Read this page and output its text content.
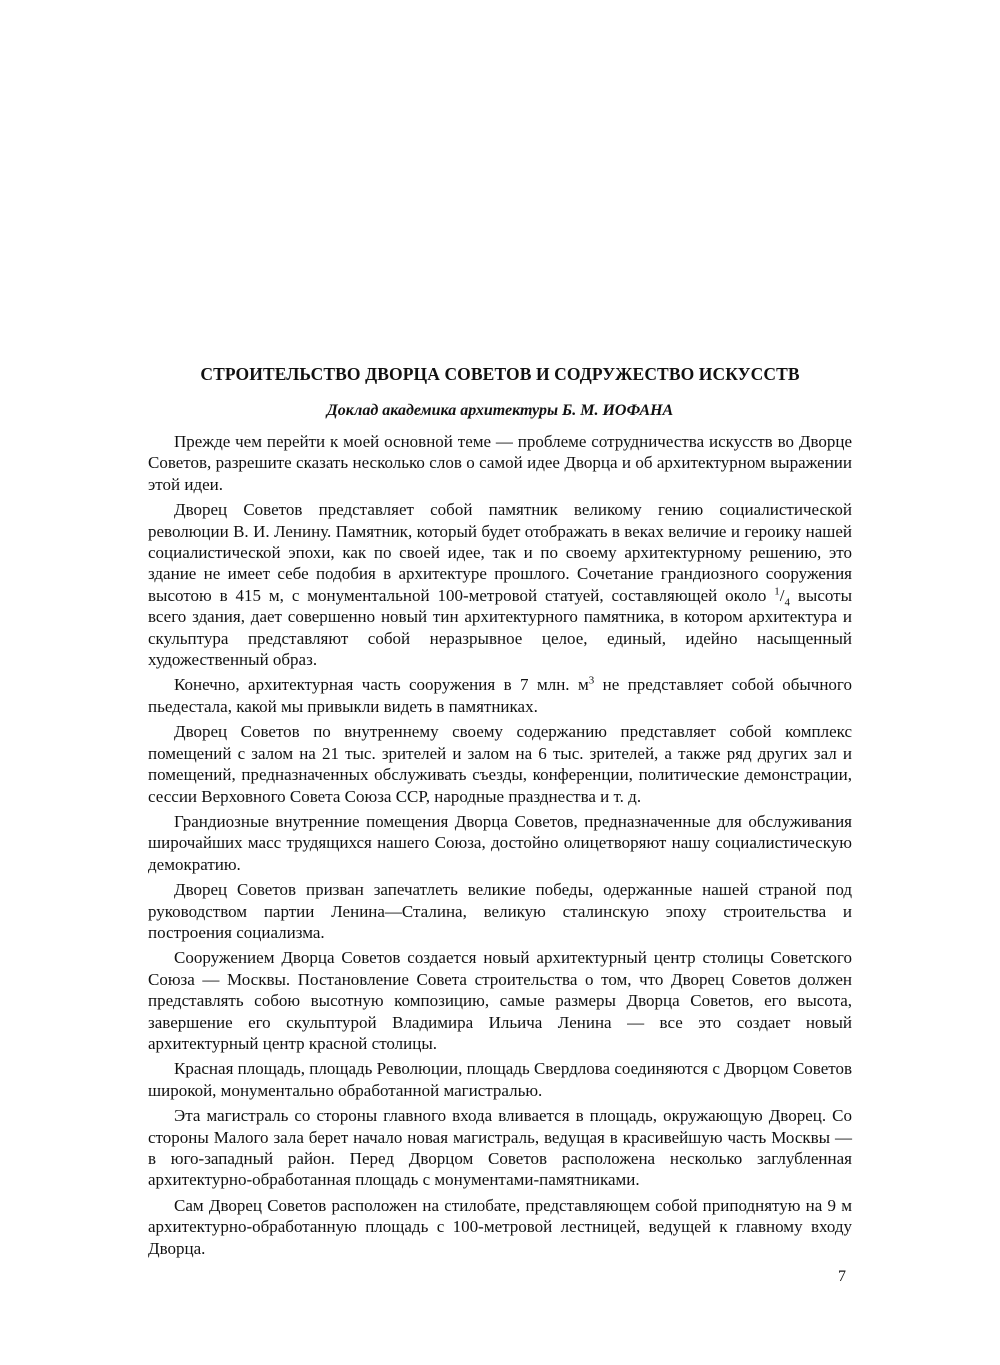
СТРОИТЕЛЬСТВО ДВОРЦА СОВЕТОВ И СОДРУЖЕСТВО ИСКУССТВ

Доклад академика архитектуры Б. М. ИОФАНА

Прежде чем перейти к моей основной теме — проблеме сотрудничества искусств во Дворце Советов, разрешите сказать несколько слов о самой идее Дворца и об архитектурном выражении этой идеи.

Дворец Советов представляет собой памятник великому гению социалистической революции В. И. Ленину. Памятник, который будет отображать в веках величие и героику нашей социалистической эпохи, как по своей идее, так и по своему архитектурному решению, это здание не имеет себе подобия в архитектуре прошлого. Сочетание грандиозного сооружения высотою в 415 м, с монументальной 100-метровой статуей, составляющей около $^1/_4$ высоты всего здания, дает совершенно новый тин архитектурного памятника, в котором архитектура и скульптура представляют собой неразрывное целое, единый, идейно насыщенный художественный образ.

Конечно, архитектурная часть сооружения в 7 млн. $м^3$ не представляет собой обычного пьедестала, какой мы привыкли видеть в памятниках.

Дворец Советов по внутреннему своему содержанию представляет собой комплекс помещений с залом на 21 тыс. зрителей и залом на 6 тыс. зрителей, а также ряд других зал и помещений, предназначенных обслуживать съезды, конференции, политические демонстрации, сессии Верховного Совета Союза ССР, народные празднества и т. д.

Грандиозные внутренние помещения Дворца Советов, предназначенные для обслуживания широчайших масс трудящихся нашего Союза, достойно олицетворяют нашу социалистическую демократию.

Дворец Советов призван запечатлеть великие победы, одержанные нашей страной под руководством партии Ленина—Сталина, великую сталинскую эпоху строительства и построения социализма.

Сооружением Дворца Советов создается новый архитектурный центр столицы Советского Союза — Москвы. Постановление Совета строительства о том, что Дворец Советов должен представлять собою высотную композицию, самые размеры Дворца Советов, его высота, завершение его скульптурой Владимира Ильича Ленина — все это создает новый архитектурный центр красной столицы.

Красная площадь, площадь Революции, площадь Свердлова соединяются с Дворцом Советов широкой, монументально обработанной магистралью.

Эта магистраль со стороны главного входа вливается в площадь, окружающую Дворец. Со стороны Малого зала берет начало новая магистраль, ведущая в красивейшую часть Москвы — в юго-западный район. Перед Дворцом Советов расположена несколько заглубленная архитектурно-обработанная площадь с монументами-памятниками.

Сам Дворец Советов расположен на стилобате, представляющем собой приподнятую на 9 м архитектурно-обработанную площадь с 100-метровой лестницей, ведущей к главному входу Дворца.

7
